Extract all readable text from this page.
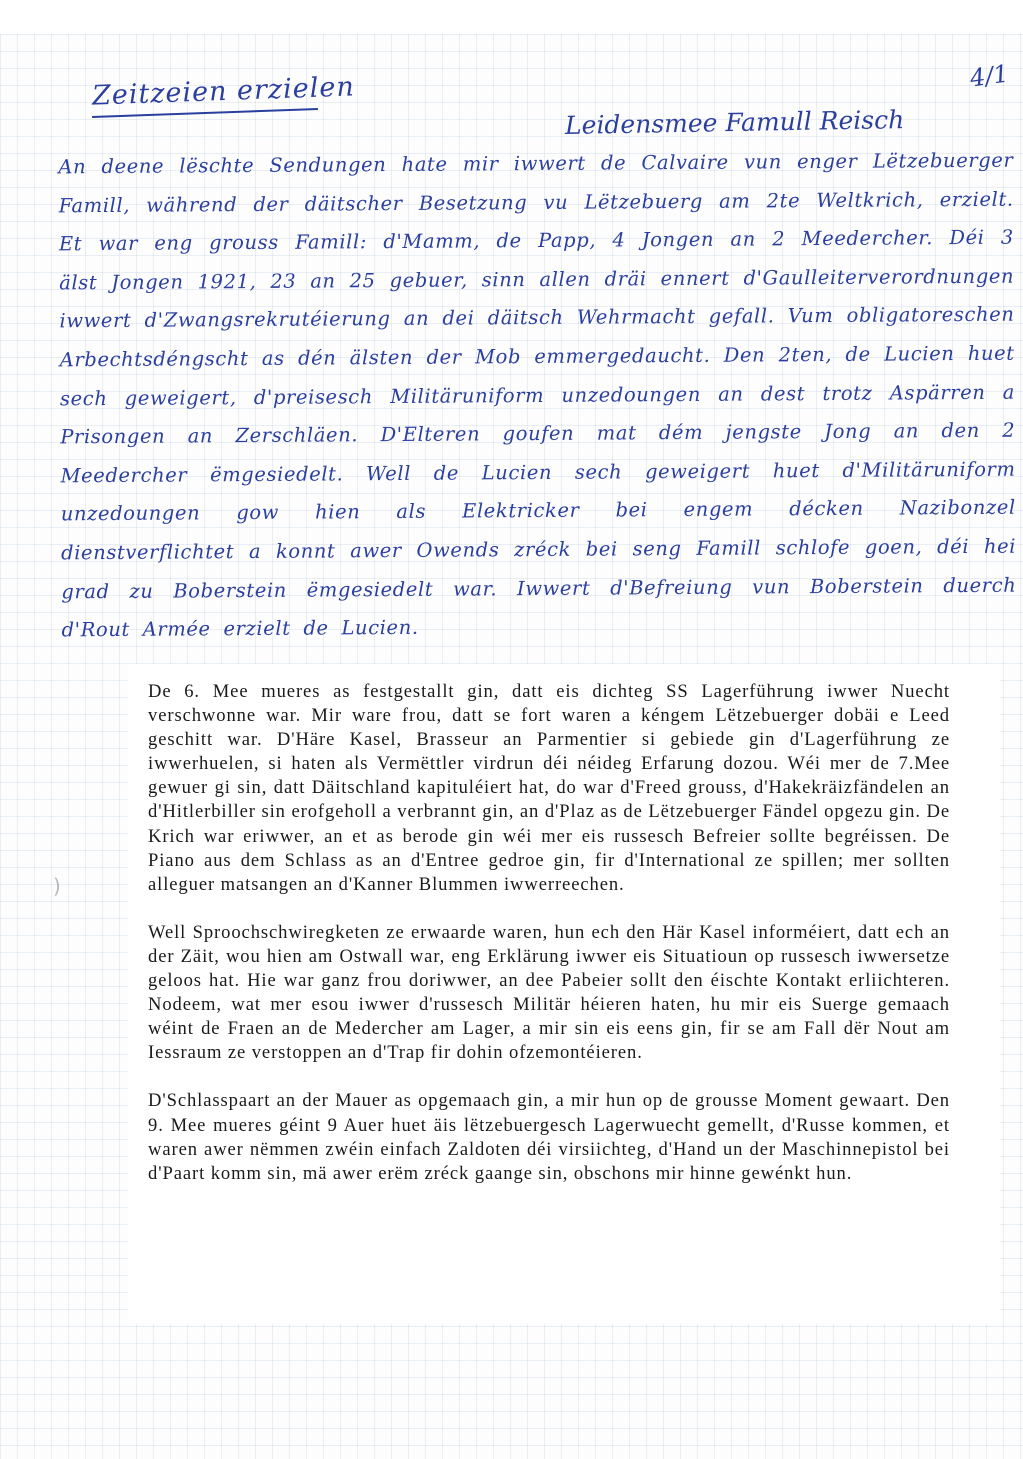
Zeitzeien erzielen	4/1
Leidensmee Famull Reisch
An deene lëschte Sendungen hate mir iwwert de Calvaire vun enger Lëtzebuerger Famill, während der däitscher Besetzung vu Lëtzebuerg am 2te Weltkrich, erzielt. Et war eng grouss Famill: d'Mamm, de Papp, 4 Jongen an 2 Meedercher. Déi 3 älst Jongen 1921, 23 an 25 gebuer, sinn allen dräi ennert d'Gaulleiterverordnungen iwwert d'Zwangsrekrutéierung an dei däitsch Wehrmacht gefall. Vum obligatoreschen Arbechtsdéngscht as dén älsten der Mob emmergedaucht. Den 2ten, de Lucien huet sech geweigert, d'preisesch Militäruniform unzedoungen an dest trotz Aspärren a Prisongen an Zerschläen. D'Elteren goufen mat dém jengste Jong an den 2 Meedercher ëmgesiedelt. Well de Lucien sech geweigert huet d'Militäruniform unzedoungen gow hien als Elektricker bei engem décken Nazibonzel dienstverflichtet a konnt awer Owends zréck bei seng Famill schlofe goen, déi hei grad zu Boberstein ëmgesiedelt war. Iwwert d'Befreiung vun Boberstein duerch d'Rout Armée erzielt de Lucien.

De 6. Mee mueres as festgestallt gin, datt eis dichteg SS Lagerführung iwwer Nuecht verschwonne war. Mir ware frou, datt se fort waren a kéngem Lëtzebuerger dobäi e Leed geschitt war. D'Häre Kasel, Brasseur an Parmentier si gebiede gin d'Lagerführung ze iwwerhuelen, si haten als Vermëttler virdrun déi néideg Erfarung dozou. Wéi mer de 7.Mee gewuer gi sin, datt Däitschland kapituléiert hat, do war d'Freed grouss, d'Hakekräizfändelen an d'Hitlerbiller sin erofgeholl a verbrannt gin, an d'Plaz as de Lëtzebuerger Fändel opgezu gin. De Krich war eriwwer, an et as berode gin wéi mer eis russesch Befreier sollte begréissen. De Piano aus dem Schlass as an d'Entree gedroe gin, fir d'International ze spillen; mer sollten alleguer matsangen an d'Kanner Blummen iwwerreechen.

Well Sproochschwiregketen ze erwaarde waren, hun ech den Här Kasel informéiert, datt ech an der Zäit, wou hien am Ostwall war, eng Erklärung iwwer eis Situatioun op russesch iwwersetze geloos hat. Hie war ganz frou doriwwer, an dee Pabeier sollt den éischte Kontakt erliichteren. Nodeem, wat mer esou iwwer d'russesch Militär héieren haten, hu mir eis Suerge gemaach wéint de Fraen an de Medercher am Lager, a mir sin eis eens gin, fir se am Fall dër Nout am Iessraum ze verstoppen an d'Trap fir dohin ofzemontéieren.

D'Schlasspaart an der Mauer as opgemaach gin, a mir hun op de grousse Moment gewaart. Den 9. Mee mueres géint 9 Auer huet äis lëtzebuergesch Lagerwuecht gemellt, d'Russe kommen, et waren awer nëmmen zwéin einfach Zaldoten déi virsiichteg, d'Hand un der Maschinnepistol bei d'Paart komm sin, mä awer erëm zréck gaange sin, obschons mir hinne gewénkt hun.

)
